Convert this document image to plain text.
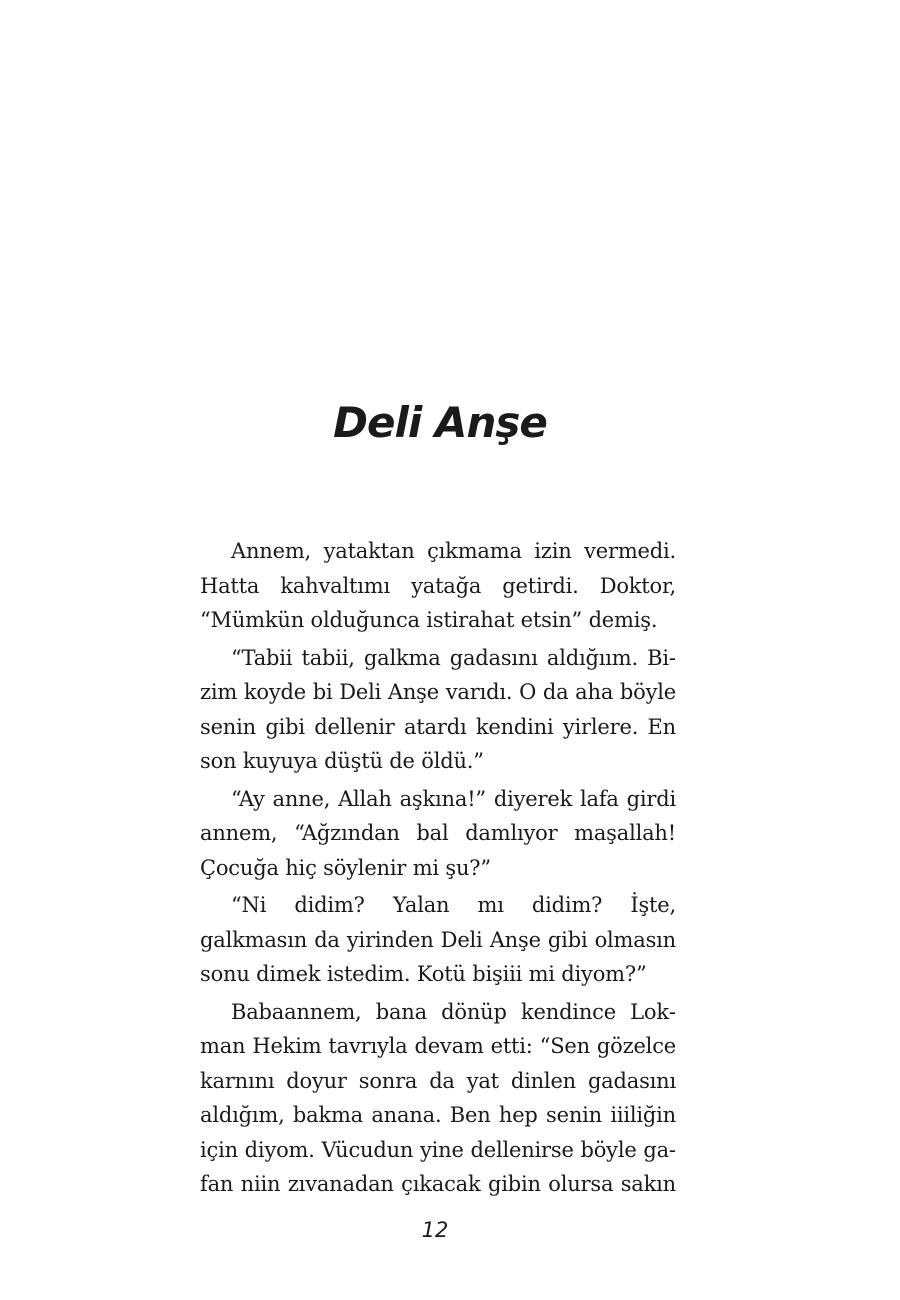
Deli Anşe

Annem, yataktan çıkmama izin vermedi. Hatta kahvaltımı yatağa getirdi. Doktor, “Mümkün olduğunca istirahat etsin” demiş.

“Tabii tabii, galkma gadasını aldığıım. Bizim koyde bi Deli Anşe varıdı. O da aha böyle senin gibi dellenir atardı kendini yirlere. En son kuyuya düştü de öldü.”

“Ay anne, Allah aşkına!” diyerek lafa girdi annem, “Ağzından bal damlıyor maşallah! Çocuğa hiç söylenir mi şu?”

“Ni didim? Yalan mı didim? İşte, galkmasın da yirinden Deli Anşe gibi olmasın sonu dimek istedim. Kotü bişiii mi diyom?”

Babaannem, bana dönüp kendince Lokman Hekim tavrıyla devam etti: “Sen gözelce karnını doyur sonra da yat dinlen gadasını aldığım, bakma anana. Ben hep senin iiiliğin için diyom. Vücudun yine dellenirse böyle gafan niin zıvanadan çıkacak gibin olursa sakın

12
